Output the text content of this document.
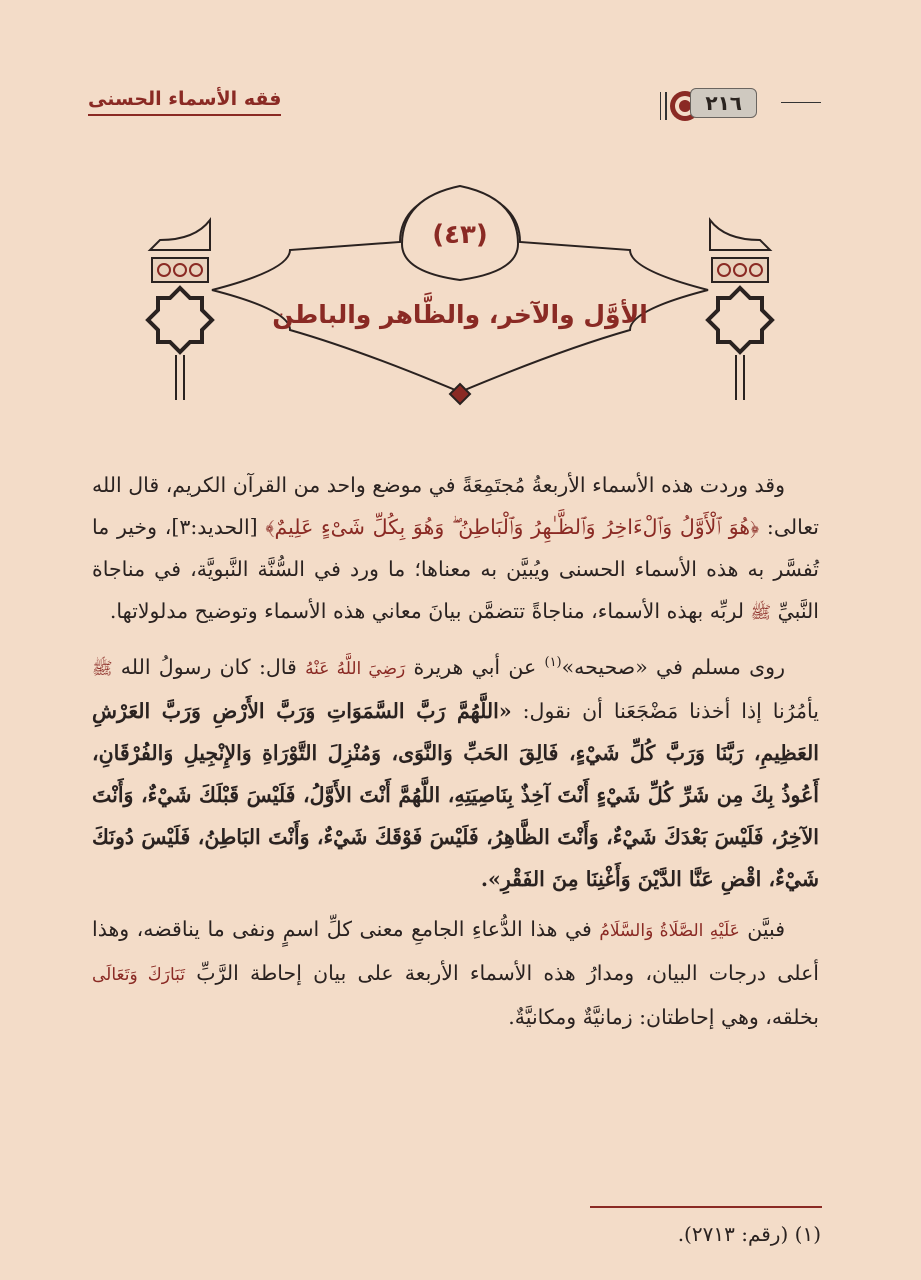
فقه الأسماء الحسنى	٢١٦
(٤٣)
الأوَّل والآخر، والظَّاهر والباطن

وقد وردت هذه الأسماء الأربعةُ مُجتَمِعَةً في موضع واحد من القرآن الكريم، قال الله تعالى: ﴿هُوَ ٱلْأَوَّلُ وَٱلْءَاخِرُ وَٱلظَّـٰهِرُ وَٱلْبَاطِنُ ۖ وَهُوَ بِكُلِّ شَىْءٍ عَلِيمٌ﴾ [الحديد:٣]، وخير ما تُفسَّر به هذه الأسماء الحسنى ويُبيَّن به معناها؛ ما ورد في السُّنَّة النَّبويَّة، في مناجاة النَّبيِّ ﷺ لربِّه بهذه الأسماء، مناجاةً تتضمَّن بيانَ معاني هذه الأسماء وتوضيح مدلولاتها.

روى مسلم في «صحيحه»$^{(١)}$ عن أبي هريرة رَضِيَ اللَّهُ عَنْهُ قال: كان رسولُ الله ﷺ يأمُرُنا إذا أخذنا مَضْجَعَنا أن نقول: «اللَّهُمَّ رَبَّ السَّمَوَاتِ وَرَبَّ الأَرْضِ وَرَبَّ العَرْشِ العَظِيمِ، رَبَّنَا وَرَبَّ كُلِّ شَيْءٍ، فَالِقَ الحَبِّ وَالنَّوَى، وَمُنْزِلَ التَّوْرَاةِ وَالإِنْجِيلِ وَالفُرْقَانِ، أَعُوذُ بِكَ مِن شَرِّ كُلِّ شَيْءٍ أَنْتَ آخِذٌ بِنَاصِيَتِهِ، اللَّهُمَّ أَنْتَ الأَوَّلُ، فَلَيْسَ قَبْلَكَ شَيْءٌ، وَأَنْتَ الآخِرُ، فَلَيْسَ بَعْدَكَ شَيْءٌ، وَأَنْتَ الظَّاهِرُ، فَلَيْسَ فَوْقَكَ شَيْءٌ، وَأَنْتَ البَاطِنُ، فَلَيْسَ دُونَكَ شَيْءٌ، اقْضِ عَنَّا الدَّيْنَ وَأَغْنِنَا مِنَ الفَقْرِ».

فبيَّن عَلَيْهِ الصَّلَاةُ وَالسَّلَامُ في هذا الدُّعاءِ الجامعِ معنى كلِّ اسمٍ ونفى ما يناقضه، وهذا أعلى درجات البيان، ومدارُ هذه الأسماء الأربعة على بيان إحاطة الرَّبِّ تَبَارَكَ وَتَعَالَى بخلقه، وهي إحاطتان: زمانيَّةٌ ومكانيَّةٌ.

(١) (رقم: ٢٧١٣).
